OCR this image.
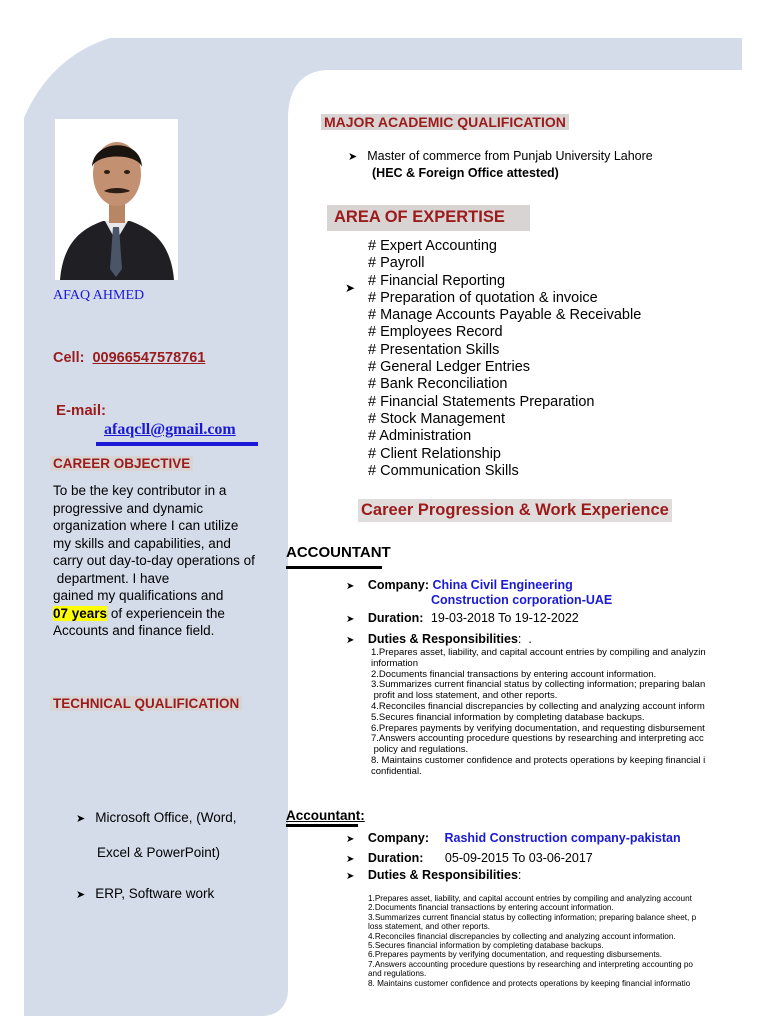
AFAQ AHMED
Cell: 00966547578761
E-mail:
afaqcll@gmail.com
CAREER OBJECTIVE
To be the key contributor in a
progressive and dynamic
organization where I can utilize
my skills and capabilities, and
carry out day-to-day operations of
department. I have
gained my qualifications and
07 years of experiencein the
Accounts and finance field.
TECHNICAL QUALIFICATION
➤ Microsoft Office, (Word,
Excel & PowerPoint)
➤ ERP, Software work
MAJOR ACADEMIC QUALIFICATION
➤ Master of commerce from Punjab University Lahore
(HEC & Foreign Office attested)
AREA OF EXPERTISE
➤
# Expert Accounting
# Payroll
# Financial Reporting
# Preparation of quotation & invoice
# Manage Accounts Payable & Receivable
# Employees Record
# Presentation Skills
# General Ledger Entries
# Bank Reconciliation
# Financial Statements Preparation
# Stock Management
# Administration
# Client Relationship
# Communication Skills
Career Progression & Work Experience
ACCOUNTANT
➤ Company: China Civil Engineering
Construction corporation-UAE
➤ Duration: 19-03-2018 To 19-12-2022
➤ Duties & Responsibilities:  .
1.Prepares asset, liability, and capital account entries by compiling and analyzin
information
2.Documents financial transactions by entering account information.
3.Summarizes current financial status by collecting information; preparing balan
profit and loss statement, and other reports.
4.Reconciles financial discrepancies by collecting and analyzing account inform
5.Secures financial information by completing database backups.
6.Prepares payments by verifying documentation, and requesting disbursement
7.Answers accounting procedure questions by researching and interpreting acc
policy and regulations.
8. Maintains customer confidence and protects operations by keeping financial i
confidential.
Accountant:
➤ Company: Rashid Construction company-pakistan
➤ Duration: 05-09-2015 To 03-06-2017
➤ Duties & Responsibilities:
1.Prepares asset, liability, and capital account entries by compiling and analyzing account
2.Documents financial transactions by entering account information.
3.Summarizes current financial status by collecting information; preparing balance sheet, p
loss statement, and other reports.
4.Reconciles financial discrepancies by collecting and analyzing account information.
5.Secures financial information by completing database backups.
6.Prepares payments by verifying documentation, and requesting disbursements.
7.Answers accounting procedure questions by researching and interpreting accounting po
and regulations.
8. Maintains customer confidence and protects operations by keeping financial informatio
